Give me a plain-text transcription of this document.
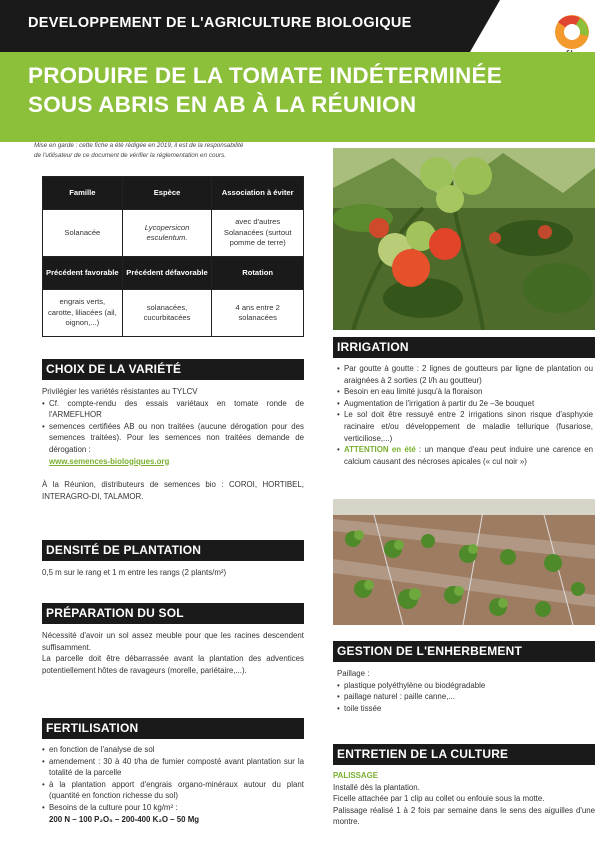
DEVELOPPEMENT DE L'AGRICULTURE BIOLOGIQUE
PRODUIRE DE LA TOMATE INDÉTERMINÉE
SOUS ABRIS EN AB À LA RÉUNION
Mise en garde : cette fiche a été rédigée en 2019, il est de la responsabilité
de l'utilisateur de ce document de vérifier la réglementation en cours.
Famille	Espèce	Association à éviter
Solanacée	Lycopersicon esculentum.	avec d'autres Solanacées (surtout pomme de terre)
Précédent favorable	Précédent défavorable	Rotation
engrais verts, carotte, liliacées (ail, oignon,...)	solanacées, cucurbitacées	4 ans entre 2 solanacées
CHOIX DE LA VARIÉTÉ

Privilégier les variétés résistantes au TYLCV

• Cf. compte-rendu des essais variétaux en tomate ronde de l'ARMEFLHOR
• semences certifiées AB ou non traitées (aucune dérogation pour des semences traitées). Pour les semences non traitées demande de dérogation :
www.semences-biologiques.org

À la Réunion, distributeurs de semences bio : COROI, HORTIBEL, INTERAGRO-DI, TALAMOR.

DENSITÉ DE PLANTATION
0,5 m sur le rang et 1 m entre les rangs (2 plants/m²)
PRÉPARATION DU SOL

Nécessité d'avoir un sol assez meuble pour que les racines descendent suffisamment.

La parcelle doit être débarrassée avant la plantation des adventices potentiellement hôtes de ravageurs (morelle, pariétaire,...).

FERTILISATION
• en fonction de l'analyse de sol
• amendement : 30 à 40 t/ha de fumier composté avant plantation sur la totalité de la parcelle
• à la plantation apport d'engrais organo-minéraux autour du plant (quantité en fonction richesse du sol)
• Besoins de la culture pour 10 kg/m² :

200 N – 100 P₂O₅ – 200-400 K₂O – 50 Mg

IRRIGATION
• Par goutte à goutte : 2 lignes de goutteurs par ligne de plantation ou araignées à 2 sorties (2 l/h au goutteur)
• Besoin en eau limité jusqu'à la floraison
• Augmentation de l'irrigation à partir du 2e –3e bouquet
• Le sol doit être ressuyé entre 2 irrigations sinon risque d'asphyxie racinaire et/ou développement de maladie tellurique (fusariose, verticiliose,...)
• ATTENTION en été : un manque d'eau peut induire une carence en calcium causant des nécroses apicales (« cul noir »)
GESTION DE L'ENHERBEMENT

Paillage :

• plastique polyéthylène ou biodégradable
• paillage naturel : paille canne,...
• toile tissée
ENTRETIEN DE LA CULTURE

PALISSAGE

Installé dès la plantation.

Ficelle attachée par 1 clip au collet ou enfouie sous la motte.

Palissage réalisé 1 à 2 fois par semaine dans le sens des aiguilles d'une montre.
